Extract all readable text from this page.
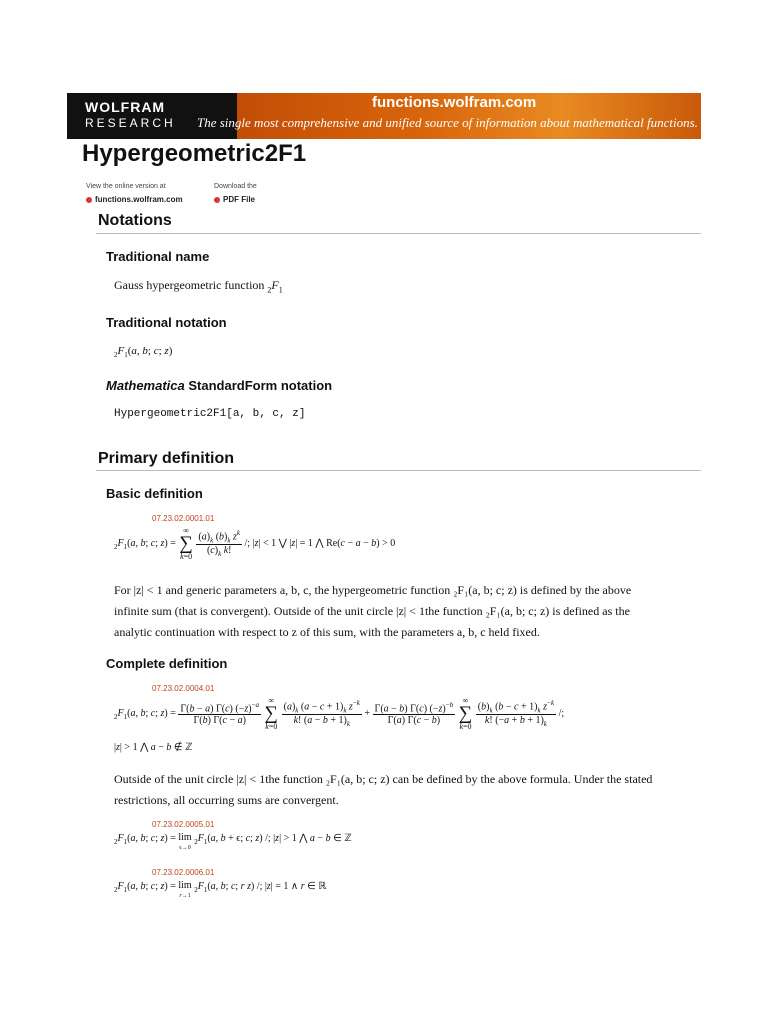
WOLFRAM
RESEARCH
functions.wolfram.com
The single most comprehensive and unified source of information about mathematical functions.
Hypergeometric2F1
View the online version at
functions.wolfram.com
Download the
PDF File
Notations
Traditional name
Gauss hypergeometric function $_2F_1$
Traditional notation
$_2F_1(a$, b; c; z)
Mathematica StandardForm notation
Hypergeometric2F1[a, b, c, z]
Primary definition
Basic definition
07.23.02.0001.01
$_2F_1(a$, b; c; z) = ∞
∑
$k=0 \frac{(a)_k (b)_k z^k}{(c)_k k!}$ /; |z| < 1 ⋁ |z| = 1 ⋀ Re(c − a − b) > 0
For |z| < 1 and generic parameters a, b, c, the hypergeometric function ₂F₁(a, b; c; z) is defined by the above
infinite sum (that is convergent). Outside of the unit circle |z| < 1the function ₂F₁(a, b; c; z) is defined as the
analytic continuation with respect to z of this sum, with the parameters a, b, c held fixed.
Complete definition
07.23.02.0004.01
$_2F_1(a$, b; c; $z) = \frac{\Gamma(b - a) \Gamma(c) (-z)^{-a}}{\Gamma(b) \Gamma(c - a)}$
∞
∑
$k=0 \frac{(a)_k (a - c + 1)_k z^{-k}}{k! (a - b + 1)_k} + \frac{\Gamma(a - b) \Gamma(c) (-z)^{-b}}{\Gamma(a) \Gamma(c - b)}$
∞
∑
$k=0 \frac{(b)_k (b - c + 1)_k z^{-k}}{k! (-a + b + 1)_k}$ /;
|z| > 1 ⋀ a − b ∉ ℤ
Outside of the unit circle |z| < 1the function ₂F₁(a, b; c; z) can be defined by the above formula. Under the stated
restrictions, all occurring sums are convergent.
07.23.02.0005.01
$_2F_1(a$, b; c; z) = lim
ϵ→0
$_2F_1(a$, b + ϵ; c; z) /; |z| > 1 ⋀ a − b ∈ ℤ
07.23.02.0006.01
$_2F_1(a$, b; c; z) = lim
r→1
$_2F_1(a$, b; c; r z) /; |z| = 1 ∧ r ∈ ℝ
